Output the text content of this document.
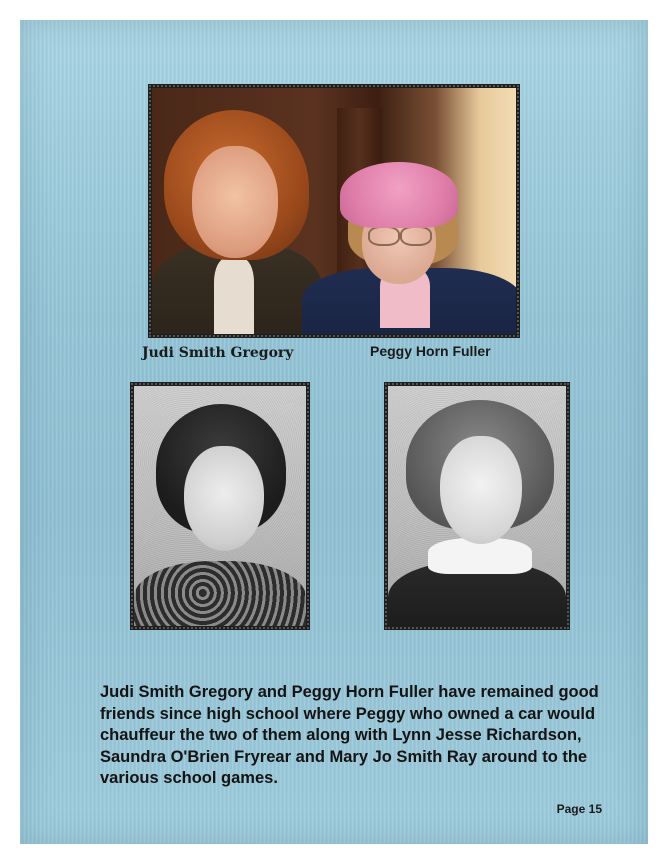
Judi Smith Gregory	Peggy Horn Fuller

Judi Smith Gregory and Peggy Horn Fuller have remained good friends since high school where Peggy who owned a car would chauffeur the two of them along with Lynn Jesse Richardson, Saundra O'Brien Fryrear and Mary Jo Smith Ray around to the various school games.

Page 15
